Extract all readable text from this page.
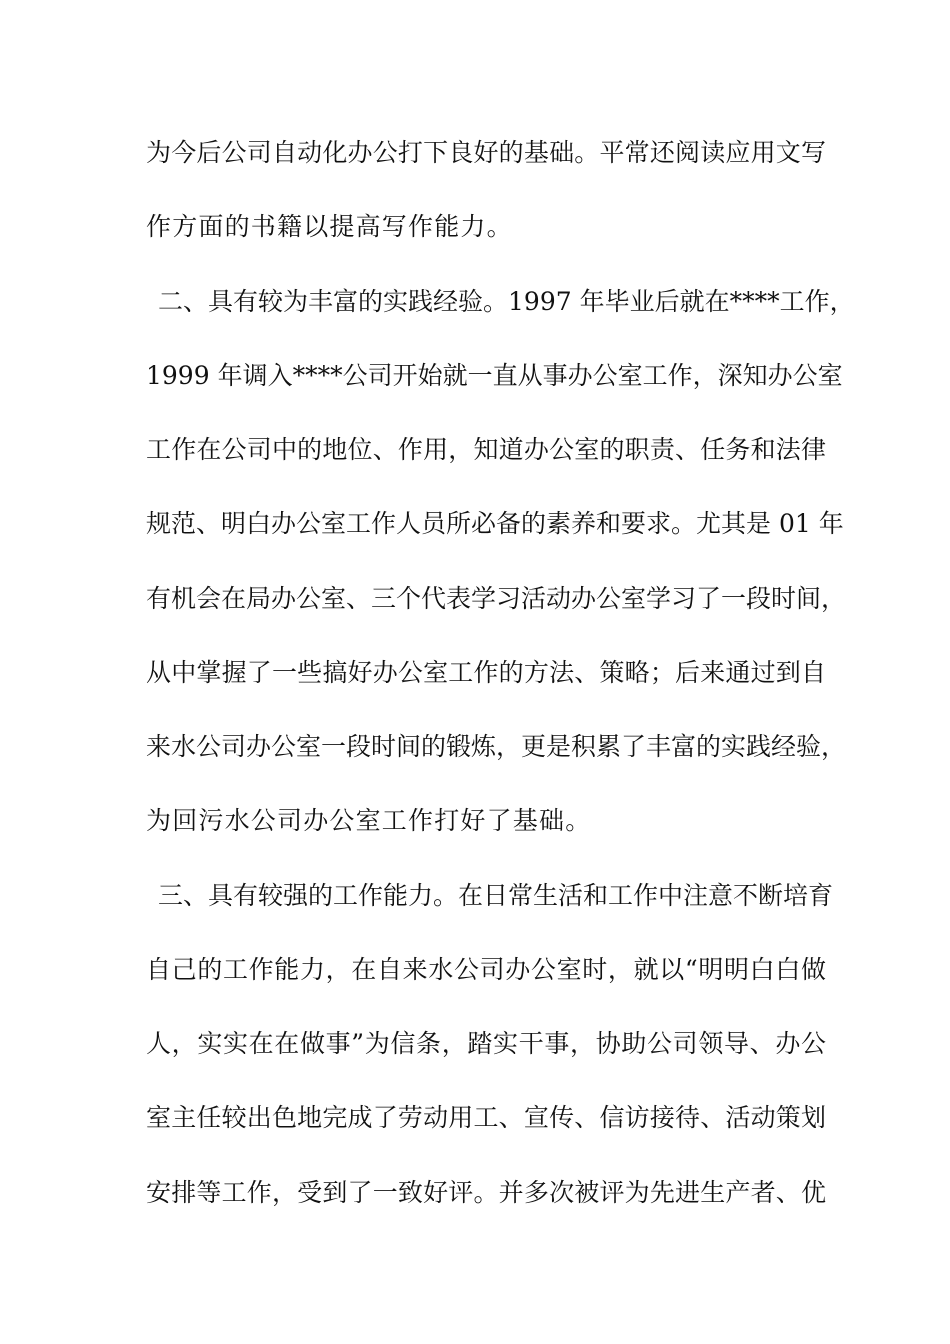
为今后公司自动化办公打下良好的基础。平常还阅读应用文写
作方面的书籍以提高写作能力。
二、具有较为丰富的实践经验。1997 年毕业后就在****工作，
1999 年调入****公司开始就一直从事办公室工作，深知办公室
工作在公司中的地位、作用，知道办公室的职责、任务和法律
规范、明白办公室工作人员所必备的素养和要求。尤其是 01 年
有机会在局办公室、三个代表学习活动办公室学习了一段时间，
从中掌握了一些搞好办公室工作的方法、策略；后来通过到自
来水公司办公室一段时间的锻炼，更是积累了丰富的实践经验，
为回污水公司办公室工作打好了基础。
三、具有较强的工作能力。在日常生活和工作中注意不断培育
自己的工作能力，在自来水公司办公室时，就以“明明白白做
人，实实在在做事”为信条，踏实干事，协助公司领导、办公
室主任较出色地完成了劳动用工、宣传、信访接待、活动策划
安排等工作，受到了一致好评。并多次被评为先进生产者、优
